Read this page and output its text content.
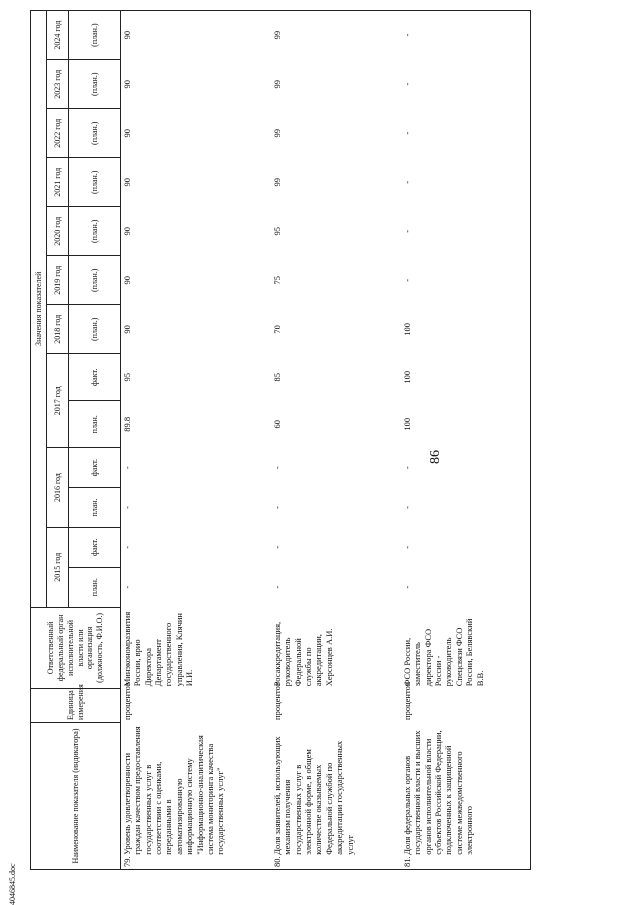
86
4046845.doc
Наименование показателя (индикатора)		Единица измерения	Ответственный федеральный орган исполнительной власти или организация (должность, Ф.И.О.)	Значения показателей												
				2015 год		2016 год		2017 год		2018 год	2019 год	2020 год	2021 год	2022 год	2023 год	2024 год
				план.	факт.	план.	факт.	план.	факт.	(план.)	(план.)	(план.)	(план.)	(план.)	(план.)	(план.)
79.	Уровень удовлетворенности граждан качеством предоставления государственных услуг в соответствии с оценками, переданными в автоматизированную информационную систему "Информационно-аналитическая система мониторинга качества государственных услуг"	процентов	Минэкономразвития России, врио Директора Департамент государственного управления, Клячин И.И.	-	-	-	-	89.8	95	90	90	90	90	90	90	90
80.	Доля заявителей, использующих механизм получения государственных услуг в электронной форме, в общем количестве оказываемых Федеральной службой по аккредитации государственных услуг	процентов	Росаккредитация, руководитель Федеральной службы по аккредитации, Херсонцев А.И.	-	-	-	-	60	85	70	75	95	99	99	99	99
81.	Доля федеральных органов государственной власти и высших органов исполнительной власти субъектов Российской Федерации, подключенных к защищенной системе межведомственного электронного	процентов	ФСО России, заместитель директора ФСО России - руководитель Спецсвязи ФСО России, Белявский В.В.	-	-	-	-	100	100	100	-	-	-	-	-	-
